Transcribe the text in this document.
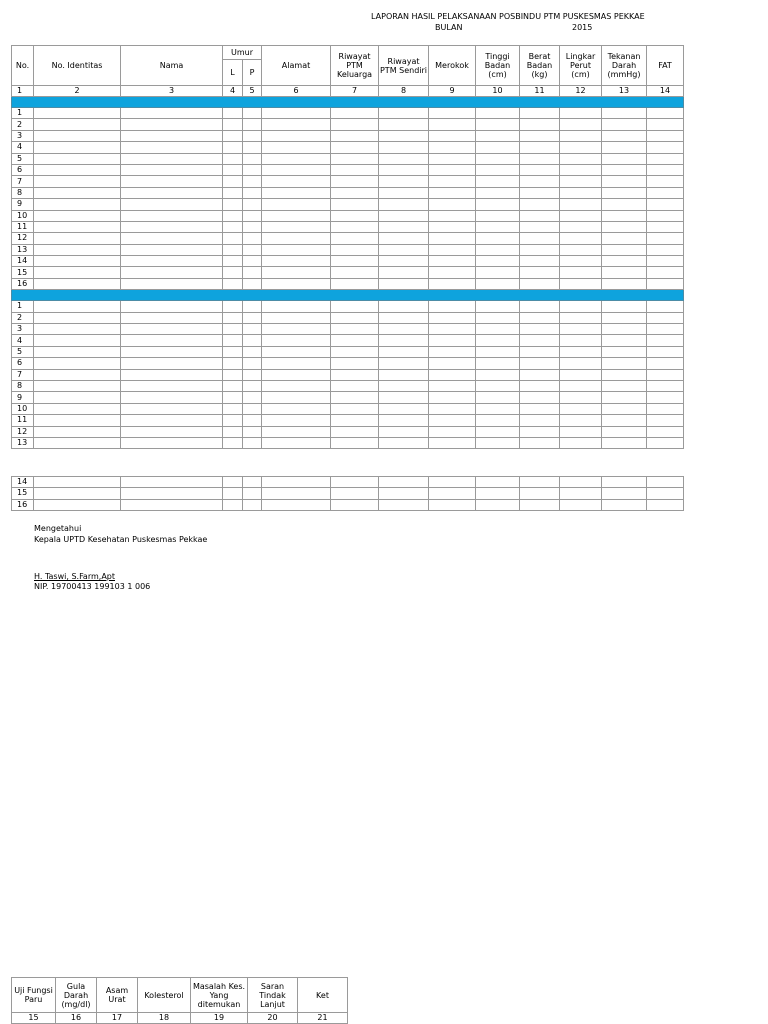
LAPORAN HASIL PELAKSANAAN POSBINDU PTM PUSKESMAS PEKKAE
BULAN	2015
No.	No. Identitas	Nama	Umur		Alamat	Riwayat PTM Keluarga	Riwayat PTM Sendiri	Merokok	Tinggi Badan (cm)	Berat Badan (kg)	Lingkar Perut (cm)	Tekanan Darah (mmHg)	FAT
			L	P									
1	2	3	4	5	6	7	8	9	10	11	12	13	14

1													
2													
3													
4													
5													
6													
7													
8													
9													
10													
11													
12													
13													
14													
15													
16													

1													
2													
3													
4													
5													
6													
7													
8													
9													
10													
11													
12													
13													
14													
15													
16													
Mengetahui
Kepala UPTD Kesehatan Puskesmas Pekkae
H. Taswi, S.Farm,Apt
NIP. 19700413 199103 1 006
Uji Fungsi Paru	Gula Darah (mg/dl)	Asam Urat	Kolesterol	Masalah Kes. Yang ditemukan	Saran Tindak Lanjut	Ket
15	16	17	18	19	20	21
